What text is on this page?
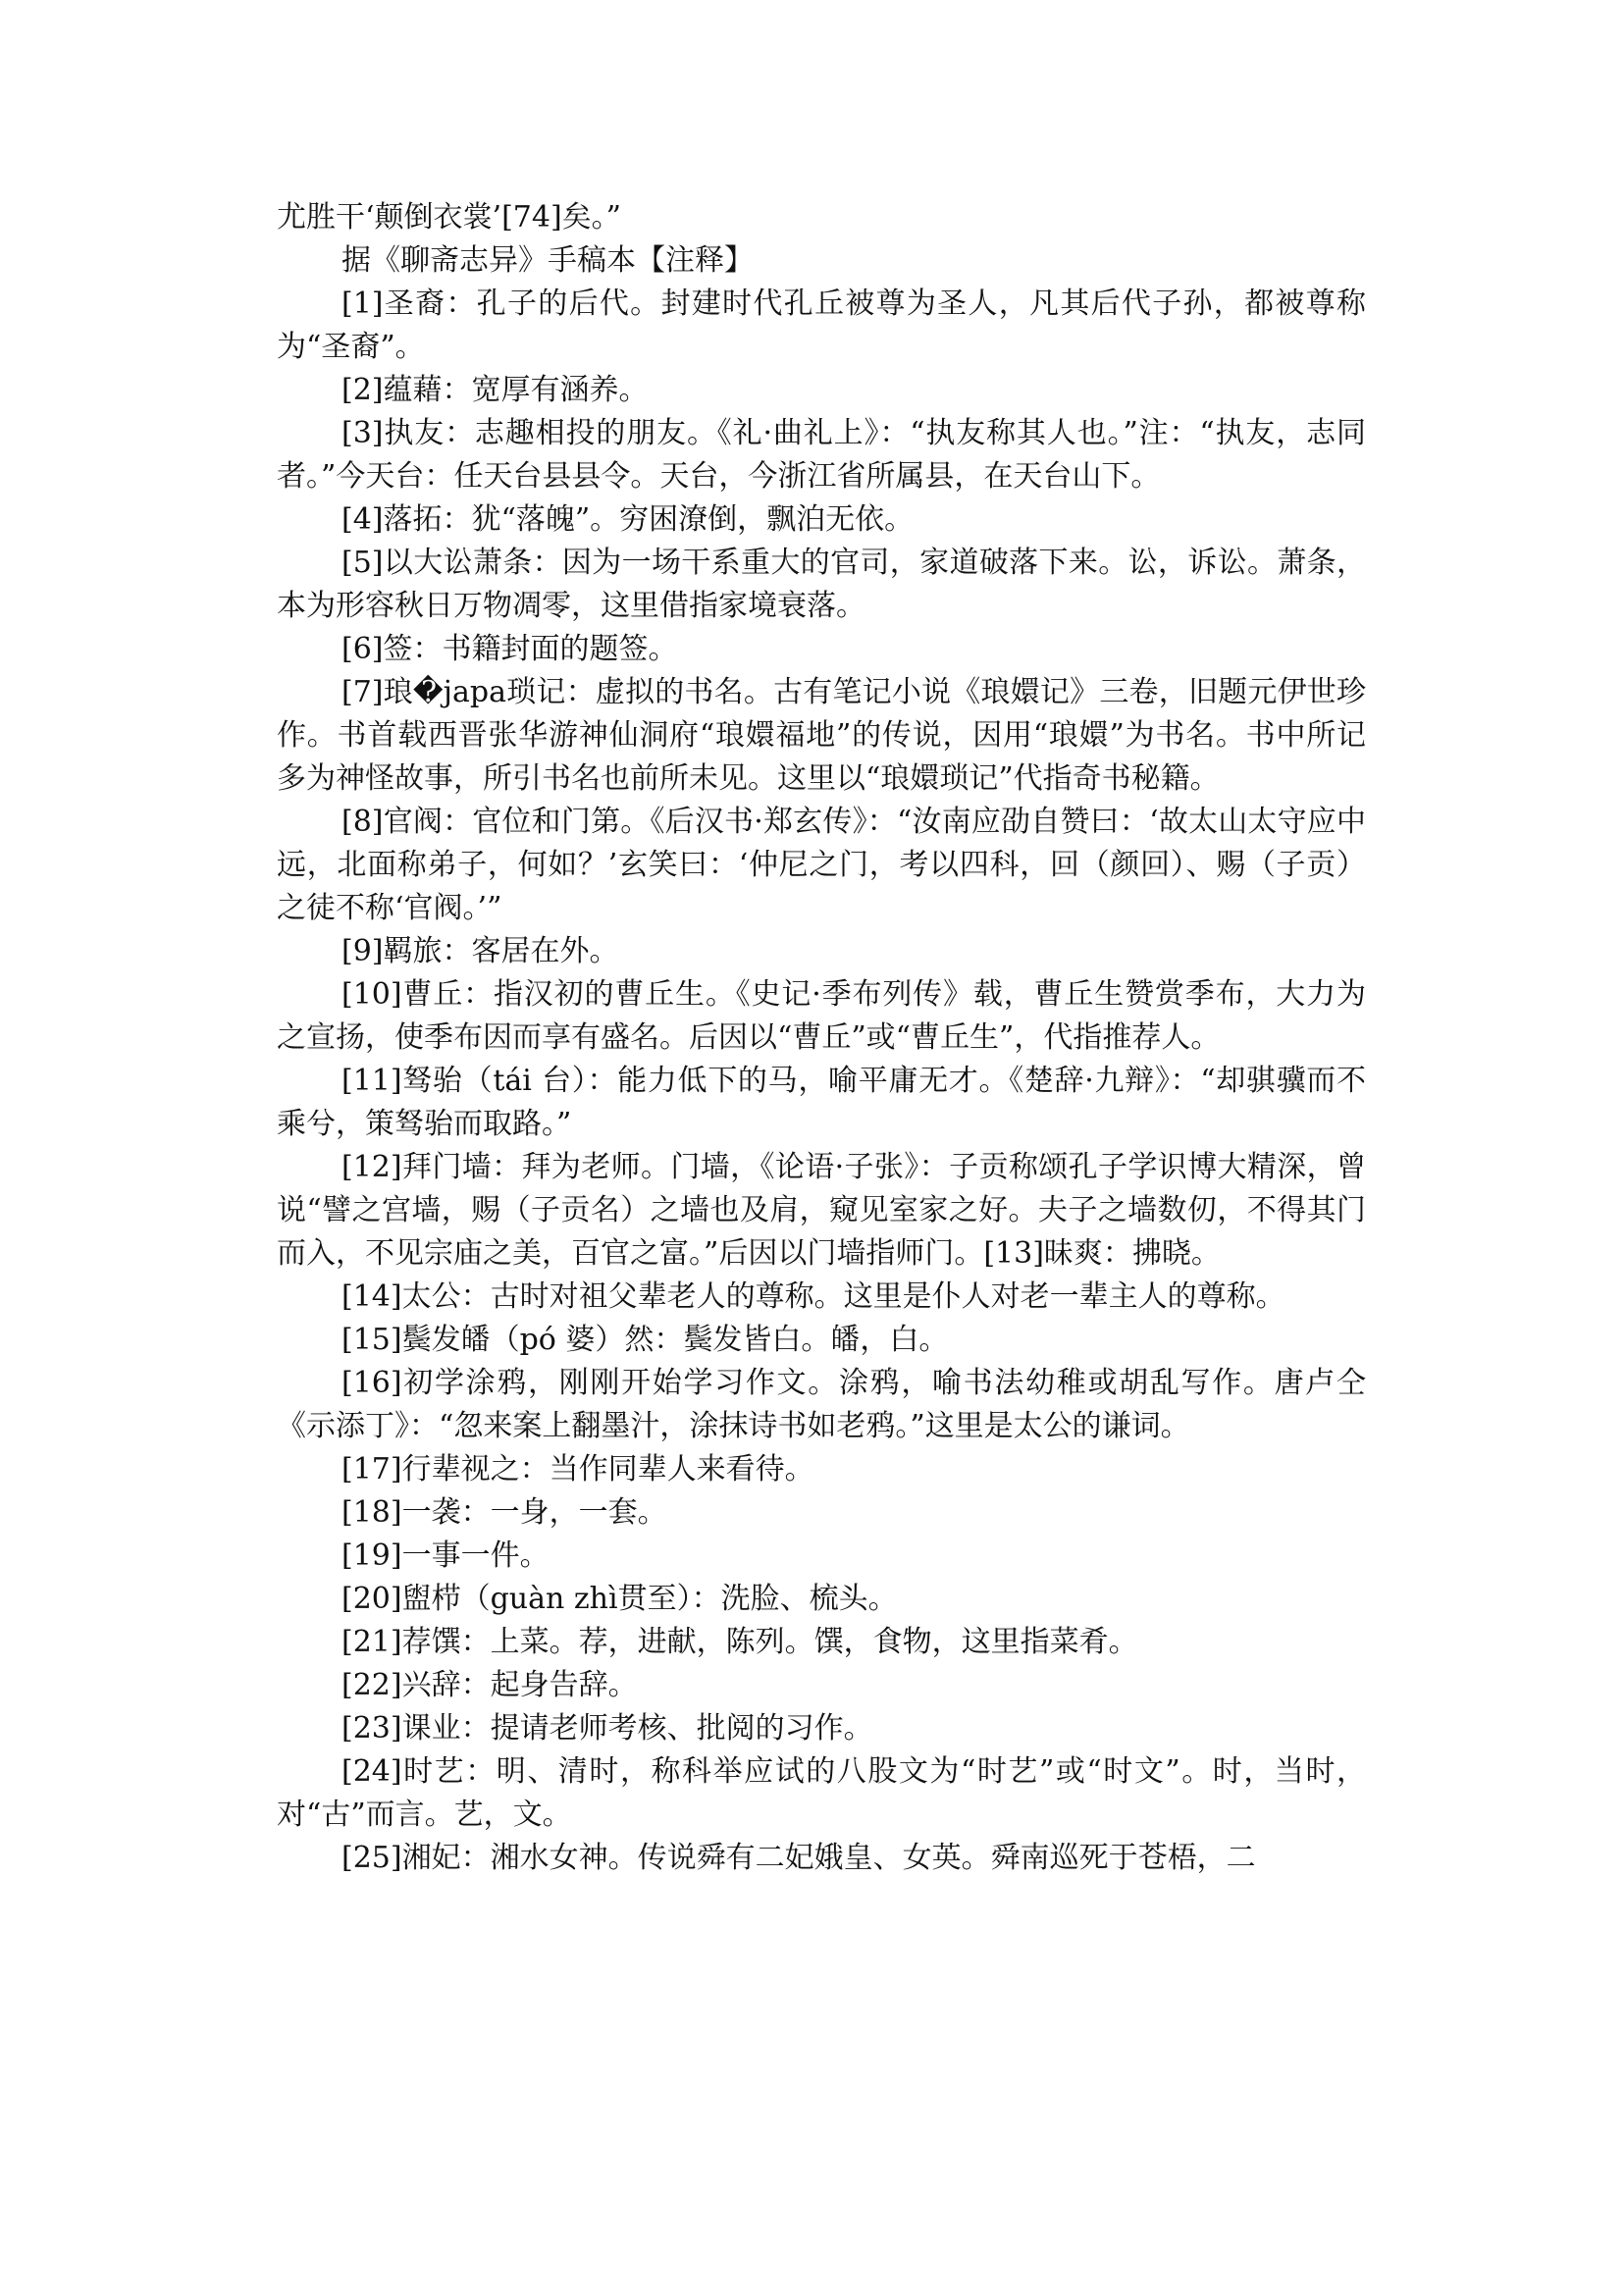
尤胜干‘颠倒衣裳’[74]矣。”

据《聊斋志异》手稿本【注释】

[1]圣裔：孔子的后代。封建时代孔丘被尊为圣人，凡其后代子孙，都被尊称为“圣裔”。

[2]蕴藉：宽厚有涵养。

[3]执友：志趣相投的朋友。《礼·曲礼上》：“执友称其人也。”注：“执友，志同者。”今天台：任天台县县令。天台，今浙江省所属县，在天台山下。

[4]落拓：犹“落魄”。穷困潦倒，飘泊无依。

[5]以大讼萧条：因为一场干系重大的官司，家道破落下来。讼，诉讼。萧条，本为形容秋日万物凋零，这里借指家境衰落。

[6]签：书籍封面的题签。

[7]琅�japa琐记：虚拟的书名。古有笔记小说《琅嬛记》三卷，旧题元伊世珍作。书首载西晋张华游神仙洞府“琅嬛福地”的传说，因用“琅嬛”为书名。书中所记多为神怪故事，所引书名也前所未见。这里以“琅嬛琐记”代指奇书秘籍。

[8]官阀：官位和门第。《后汉书·郑玄传》：“汝南应劭自赞曰：‘故太山太守应中远，北面称弟子，何如？’玄笑曰：‘仲尼之门，考以四科，回（颜回）、赐（子贡）之徒不称‘官阀。’”

[9]羁旅：客居在外。

[10]曹丘：指汉初的曹丘生。《史记·季布列传》载，曹丘生赞赏季布，大力为之宣扬，使季布因而享有盛名。后因以“曹丘”或“曹丘生”，代指推荐人。

[11]驽骀（tái 台）：能力低下的马，喻平庸无才。《楚辞·九辩》：“却骐骥而不乘兮，策驽骀而取路。”

[12]拜门墙：拜为老师。门墙，《论语·子张》：子贡称颂孔子学识博大精深，曾说“譬之宫墙，赐（子贡名）之墙也及肩，窥见室家之好。夫子之墙数仞，不得其门而入，不见宗庙之美，百官之富。”后因以门墙指师门。[13]昧爽：拂晓。

[14]太公：古时对祖父辈老人的尊称。这里是仆人对老一辈主人的尊称。

[15]鬓发皤（pó 婆）然：鬓发皆白。皤，白。

[16]初学涂鸦，刚刚开始学习作文。涂鸦，喻书法幼稚或胡乱写作。唐卢仝《示添丁》：“忽来案上翻墨汁，涂抹诗书如老鸦。”这里是太公的谦词。

[17]行辈视之：当作同辈人来看待。

[18]一袭：一身，一套。

[19]一事一件。

[20]盥栉（guàn zhì贯至）：洗脸、梳头。

[21]荐馔：上菜。荐，进献，陈列。馔，食物，这里指菜肴。

[22]兴辞：起身告辞。

[23]课业：提请老师考核、批阅的习作。

[24]时艺：明、清时，称科举应试的八股文为“时艺”或“时文”。时，当时，对“古”而言。艺，文。

[25]湘妃：湘水女神。传说舜有二妃娥皇、女英。舜南巡死于苍梧，二
